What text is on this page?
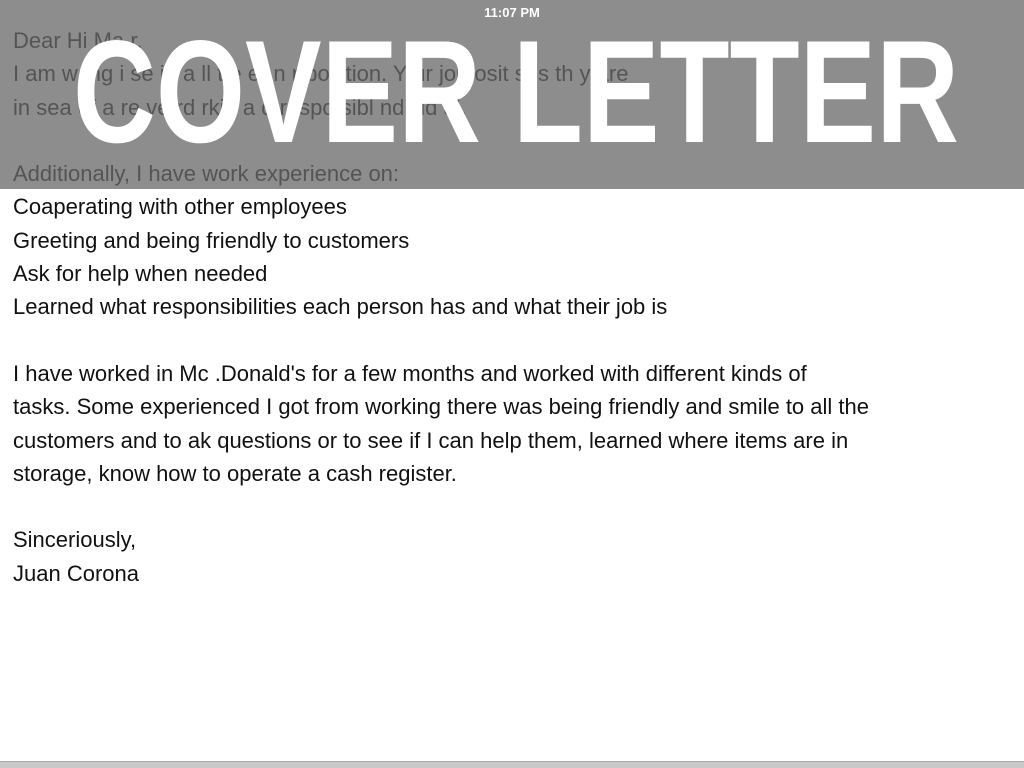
11:07 PM
Coaperating with other employees
Greeting and being friendly to customers
Ask for help when needed
Learned what responsibilities each person has and what their job is
I have worked in Mc .Donald's for a few months and worked with different kinds of
tasks. Some experienced I got from working there was being friendly and smile to all the
customers and to ak questions or to see if I can help them, learned where items are in
storage, know how to operate a cash register.
Sinceriously,
Juan Corona
COVER LETTER
